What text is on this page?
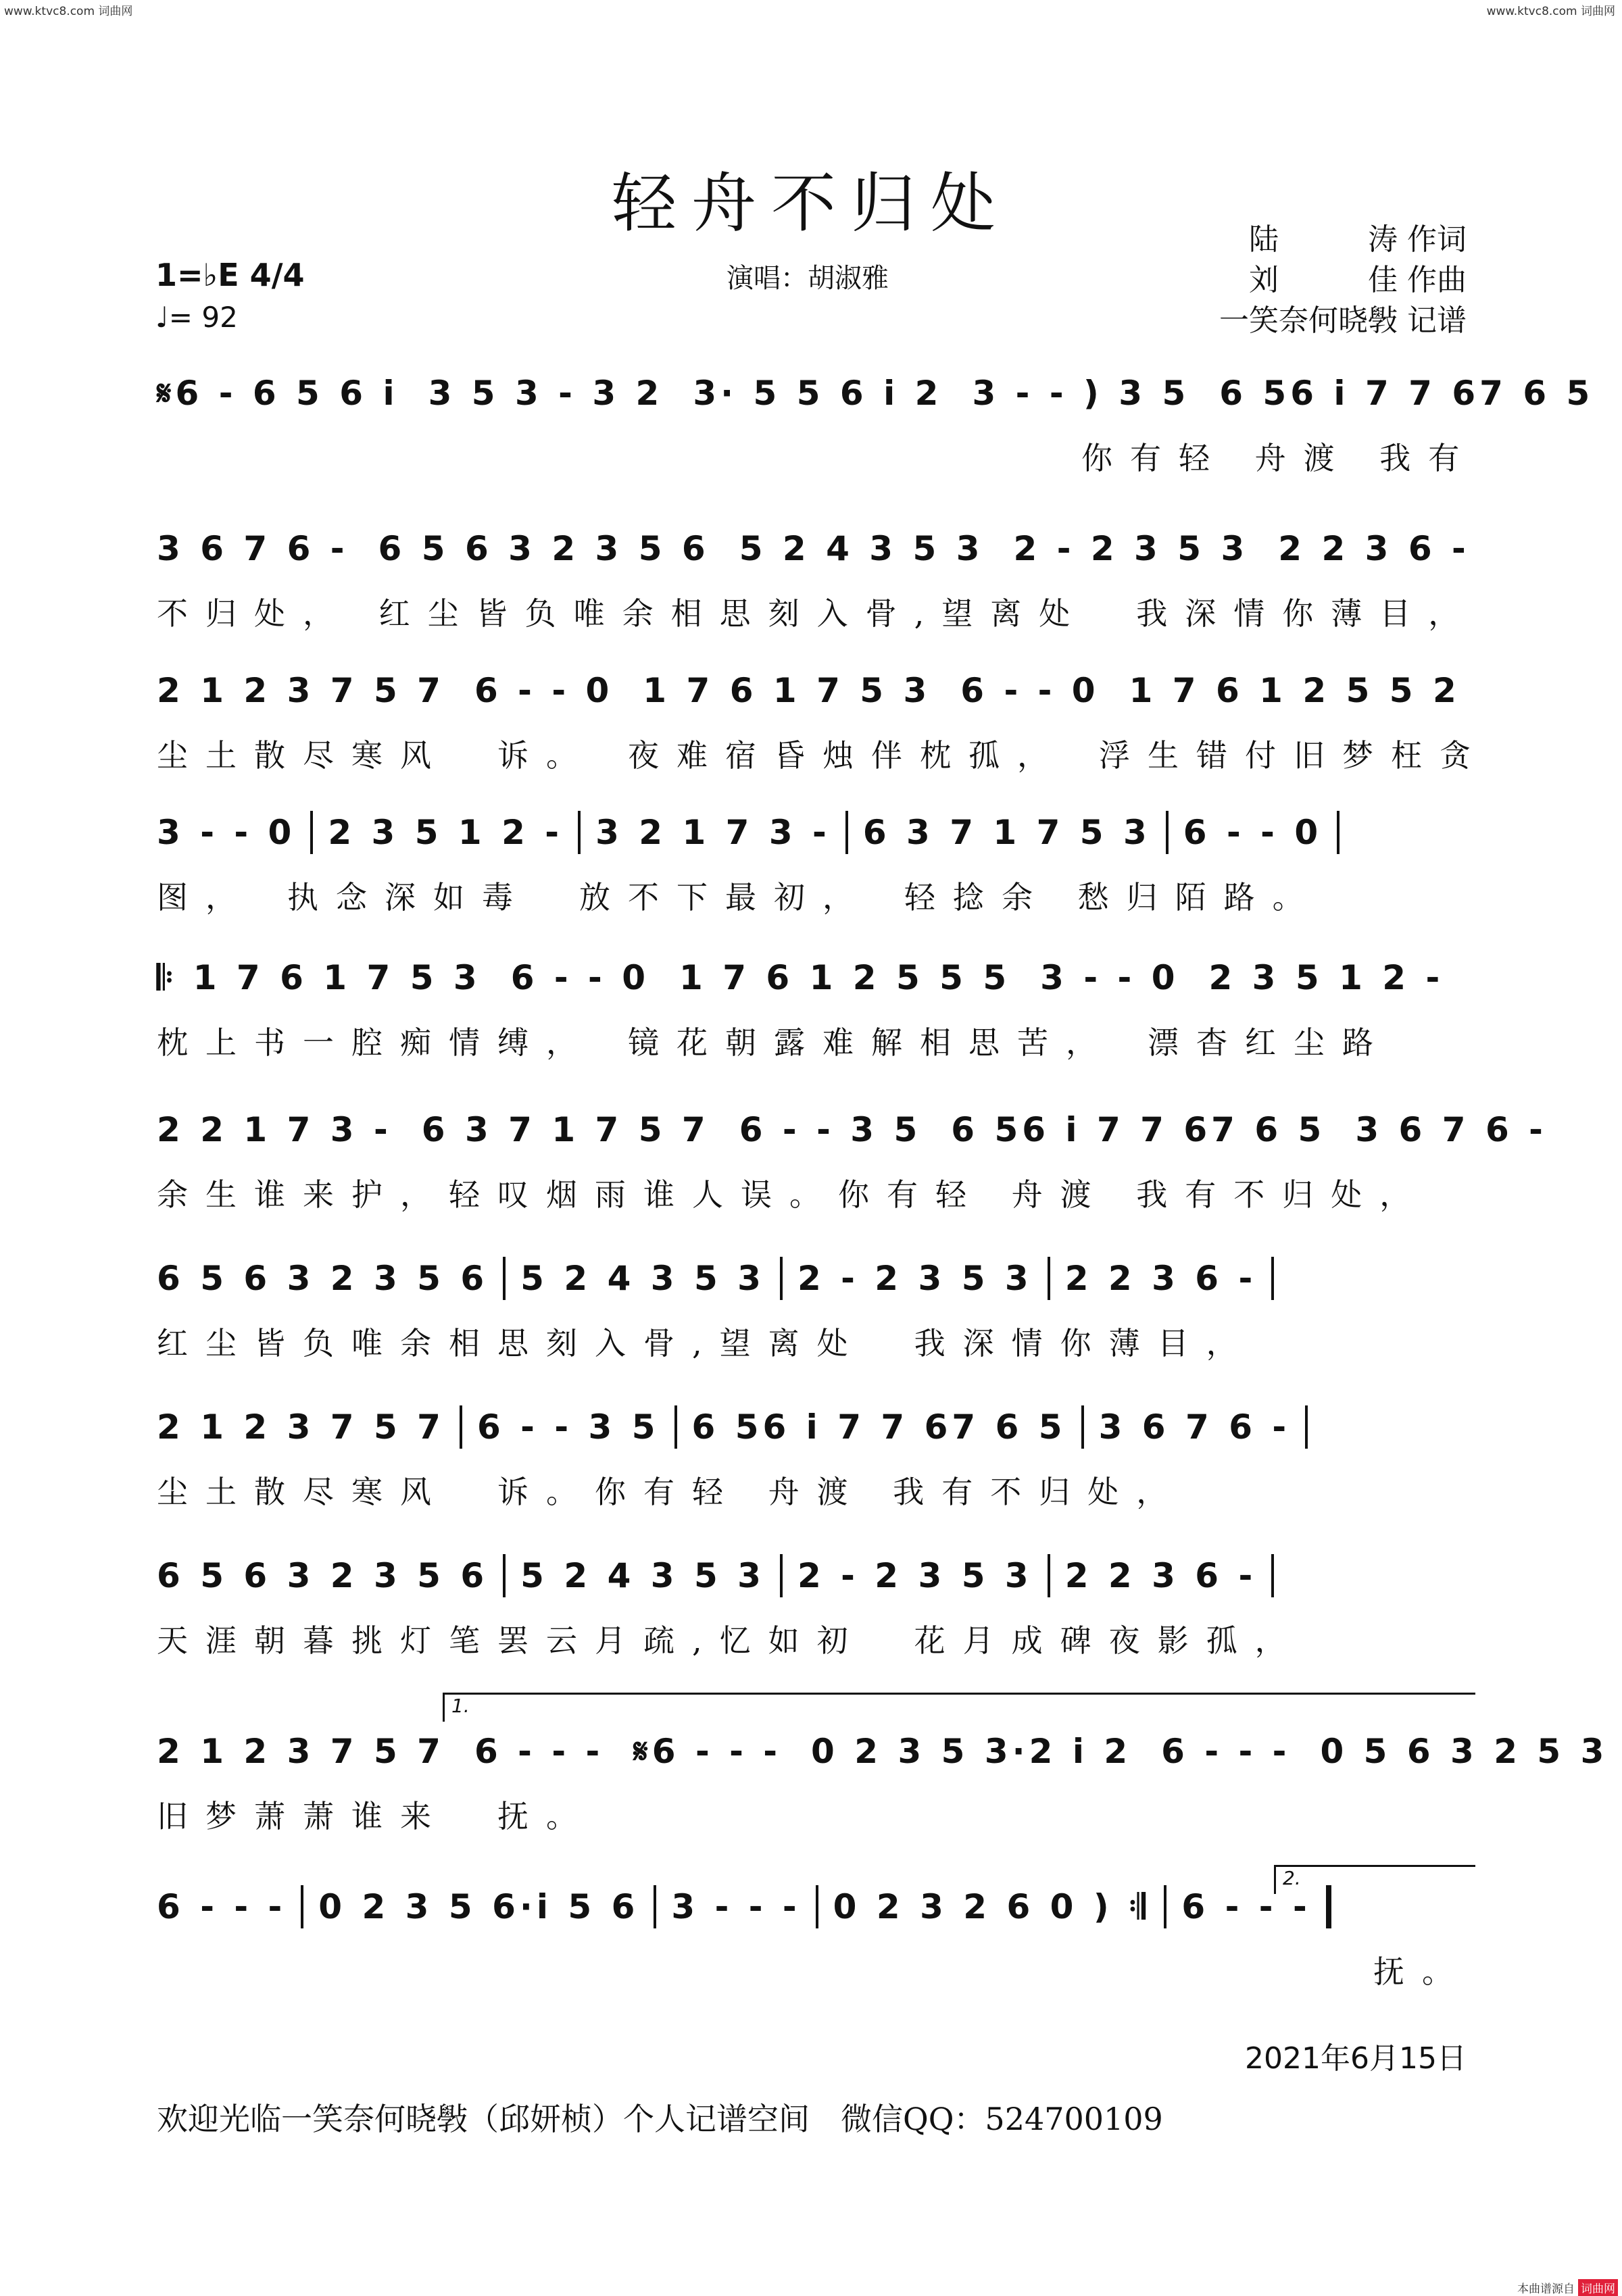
www.ktvc8.com 词曲网	www.ktvc8.com 词曲网
轻舟不归处	陆　　　涛 作词
刘　　　佳 作曲
一笑奈何晓斅 记谱
1=♭E 4/4
♩= 92
演唱：胡淑雅
𝄋6 - 6 5 6 i 3 5 3 - 3 2 3· 5 5 6 i 2 3 - - ) 3 5 6 56 i 7 7 67 6 5
　　　　　　　　　　　　　　　　　　　你有轻 舟渡 我有
3 6 7 6 - 6 5 6 3 2 3 5 6 5 2 4 3 5 3 2 - 2 3 5 3 2 2 3 6 -
不归处， 红尘皆负唯余相思刻入骨,望离处　我深情你薄目，
2 1 2 3 7 5 7 6 - - 0 1 7 6 1 7 5 3 6 - - 0 1 7 6 1 2 5 5 2
尘土散尽寒风　诉。　夜难宿昏烛伴枕孤，　浮生错付旧梦枉贪
3 - - 0 2 3 5 1 2 - 3 2 1 7 3 - 6 3 7 1 7 5 3 6 - - 0
图，　执念深如毒　放不下最初，　轻捻余 愁归陌路。
𝄆 1 7 6 1 7 5 3 6 - - 0 1 7 6 1 2 5 5 5 3 - - 0 2 3 5 1 2 -
枕上书一腔痴情缚，　镜花朝露难解相思苦，　漂杳红尘路
2 2 1 7 3 - 6 3 7 1 7 5 7 6 - - 3 5 6 56 i 7 7 67 6 5 3 6 7 6 -
余生谁来护，轻叹烟雨谁人误。你有轻 舟渡 我有不归处，
6 5 6 3 2 3 5 6 5 2 4 3 5 3 2 - 2 3 5 3 2 2 3 6 -
红尘皆负唯余相思刻入骨,望离处　我深情你薄目，
2 1 2 3 7 5 7 6 - - 3 5 6 56 i 7 7 67 6 5 3 6 7 6 -
尘土散尽寒风　诉。你有轻 舟渡 我有不归处，
6 5 6 3 2 3 5 6 5 2 4 3 5 3 2 - 2 3 5 3 2 2 3 6 -
天涯朝暮挑灯笔罢云月疏,忆如初　花月成碑夜影孤，
2 1 2 3 7 5 7 6 - - - 𝄋6 - - - 0 2 3 5 3·2 i 2 6 - - - 0 5 6 3 2 5 3
旧梦萧萧谁来　抚。
6 - - - 0 2 3 5 6·i 5 6 3 - - - 0 2 3 2 6 0 ) 𝄇 6 - - -
　　　　　　　　　　　　　　　　　　　　　　　　　抚。
1.
2.
2021年6月15日
欢迎光临一笑奈何晓斅（邱妍桢）个人记谱空间　微信QQ：524700109
本曲谱源自 词曲网
